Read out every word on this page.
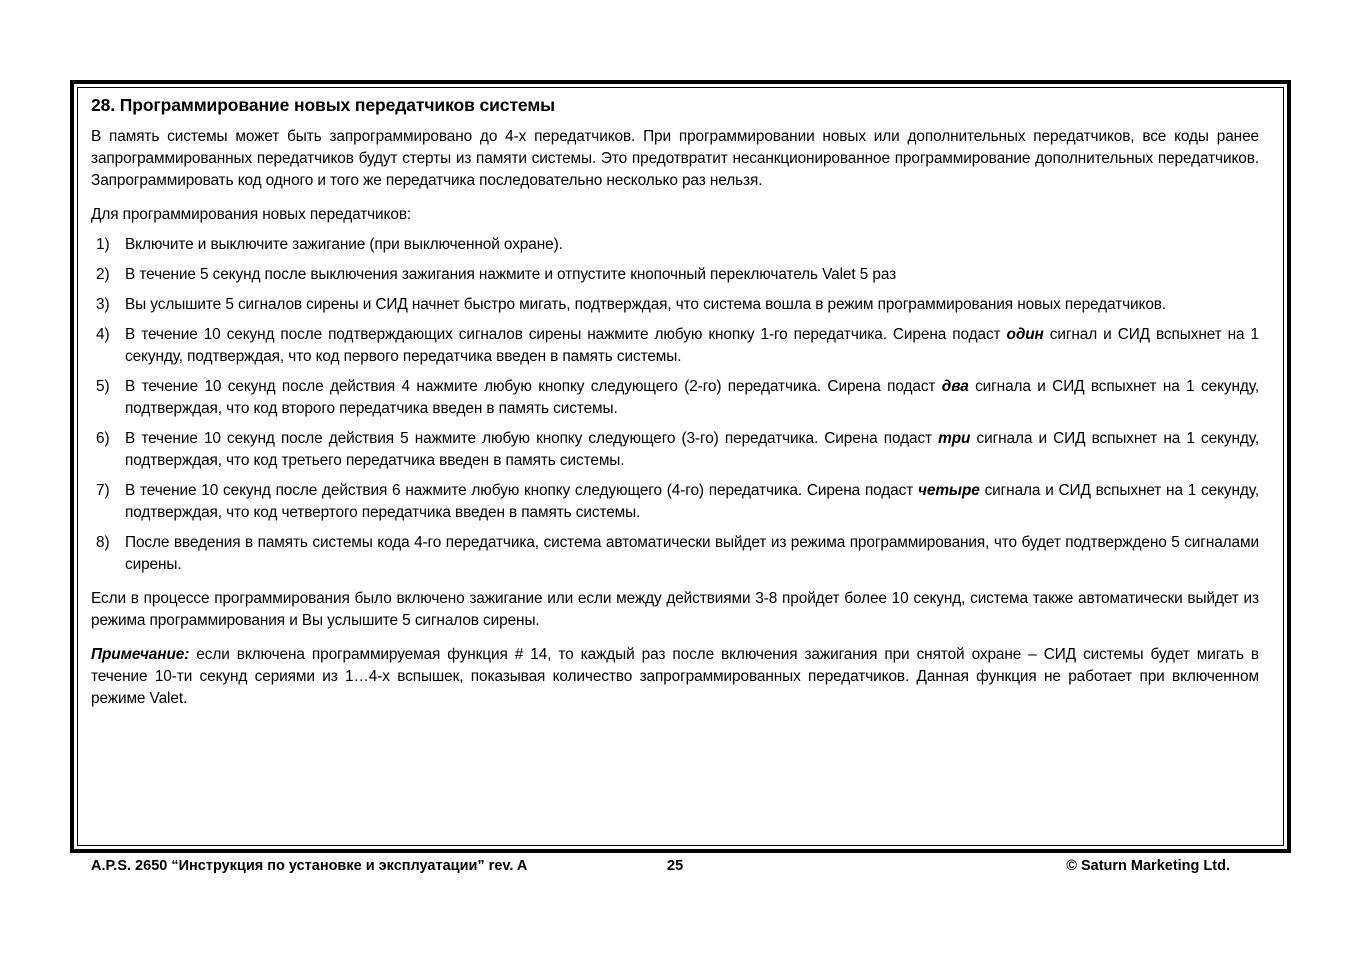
28. Программирование новых передатчиков системы

В память системы может быть запрограммировано до 4-х передатчиков. При программировании новых или дополнительных передатчиков, все коды ранее запрограммированных передатчиков будут стерты из памяти системы. Это предотвратит несанкционированное программирование дополнительных передатчиков. Запрограммировать код одного и того же передатчика последовательно несколько раз нельзя.

Для программирования новых передатчиков:

1) Включите и выключите зажигание (при выключенной охране).
2) В течение 5 секунд после выключения зажигания нажмите и отпустите кнопочный переключатель Valet 5 раз
3) Вы услышите 5 сигналов сирены и СИД начнет быстро мигать, подтверждая, что система вошла в режим программирования новых передатчиков.
4) В течение 10 секунд после подтверждающих сигналов сирены нажмите любую кнопку 1-го передатчика. Сирена подаст один сигнал и СИД вспыхнет на 1 секунду, подтверждая, что код первого передатчика введен в память системы.
5) В течение 10 секунд после действия 4 нажмите любую кнопку следующего (2-го) передатчика. Сирена подаст два сигнала и СИД вспыхнет на 1 секунду, подтверждая, что код второго передатчика введен в память системы.
6) В течение 10 секунд после действия 5 нажмите любую кнопку следующего (3-го) передатчика. Сирена подаст три сигнала и СИД вспыхнет на 1 секунду, подтверждая, что код третьего передатчика введен в память системы.
7) В течение 10 секунд после действия 6 нажмите любую кнопку следующего (4-го) передатчика. Сирена подаст четыре сигнала и СИД вспыхнет на 1 секунду, подтверждая, что код четвертого передатчика введен в память системы.
8) После введения в память системы кода 4-го передатчика, система автоматически выйдет из режима программирования, что будет подтверждено 5 сигналами сирены.

Если в процессе программирования было включено зажигание или если между действиями 3-8 пройдет более 10 секунд, система также автоматически выйдет из режима программирования и Вы услышите 5 сигналов сирены.

Примечание: если включена программируемая функция # 14, то каждый раз после включения зажигания при снятой охране – СИД системы будет мигать в течение 10-ти секунд сериями из 1…4-х вспышек, показывая количество запрограммированных передатчиков. Данная функция не работает при включенном режиме Valet.

A.P.S. 2650 “Инструкция по установке и эксплуатации” rev. A	25	© Saturn Marketing Ltd.
